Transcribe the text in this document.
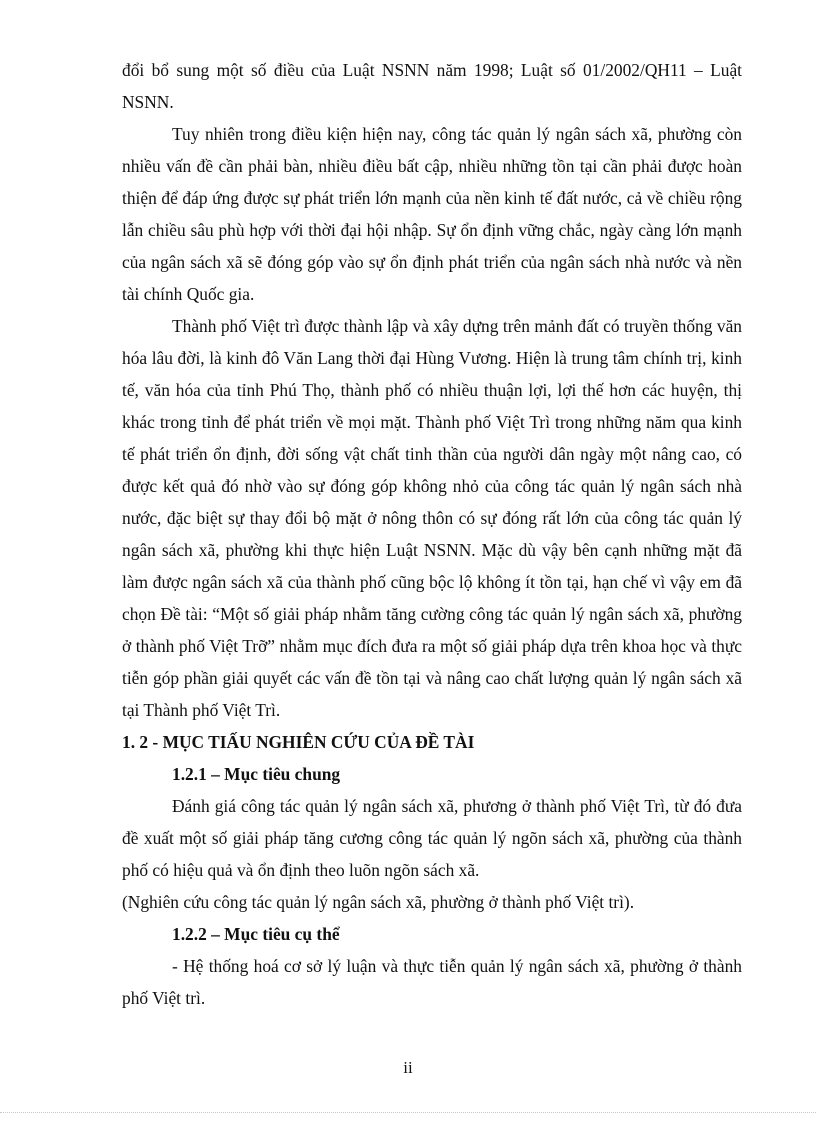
đổi bổ sung một số điều của Luật NSNN năm 1998; Luật số 01/2002/QH11 – Luật NSNN.

Tuy nhiên trong điều kiện hiện nay, công tác quản lý ngân sách xã, phường còn nhiều vấn đề cần phải bàn, nhiều điều bất cập, nhiều những tồn tại cần phải được hoàn thiện để đáp ứng được sự phát triển lớn mạnh của nền kinh tế đất nước, cả về chiều rộng lẫn chiều sâu phù hợp với thời đại hội nhập. Sự ổn định vững chắc, ngày càng lớn mạnh của ngân sách xã sẽ đóng góp vào sự ổn định phát triển của ngân sách nhà nước và nền tài chính Quốc gia.

Thành phố Việt trì được thành lập và xây dựng trên mảnh đất có truyền thống văn hóa lâu đời, là kinh đô Văn Lang thời đại Hùng Vương. Hiện là trung tâm chính trị, kinh tế, văn hóa của tỉnh Phú Thọ, thành phố có nhiều thuận lợi, lợi thế hơn các huyện, thị khác trong tỉnh để phát triển về mọi mặt. Thành phố Việt Trì trong những năm qua kinh tế phát triển ổn định, đời sống vật chất tinh thần của người dân ngày một nâng cao, có được kết quả đó nhờ vào sự đóng góp không nhỏ của công tác quản lý ngân sách nhà nước, đặc biệt sự thay đổi bộ mặt ở nông thôn có sự đóng rất lớn của công tác quản lý ngân sách xã, phường khi thực hiện Luật NSNN. Mặc dù vậy bên cạnh những mặt đã làm được ngân sách xã của thành phố cũng bộc lộ không ít tồn tại, hạn chế vì vậy em đã chọn Đề tài: “Một số giải pháp nhằm tăng cường công tác quản lý ngân sách xã, phường ở thành phố Việt Trỡ” nhằm mục đích đưa ra một số giải pháp dựa trên khoa học và thực tiễn góp phần giải quyết các vấn đề tồn tại và nâng cao chất lượng quản lý ngân sách xã tại Thành phố Việt Trì.

1. 2 - MỤC TIẤU NGHIÊN CỨU CỦA ĐỀ TÀI

1.2.1 – Mục tiêu chung

Đánh giá công tác quản lý ngân sách xã, phương ở thành phố Việt Trì, từ đó đưa đề xuất một số giải pháp tăng cương công tác quản lý ngõn sách xã, phường của thành phố có hiệu quả và ổn định theo luõn ngõn sách xã.

(Nghiên cứu công tác quản lý ngân sách xã, phường ở thành phố Việt trì).

1.2.2 – Mục tiêu cụ thể

- Hệ thống hoá cơ sở lý luận và thực tiễn quản lý ngân sách xã, phường ở thành phố Việt trì.

ii
